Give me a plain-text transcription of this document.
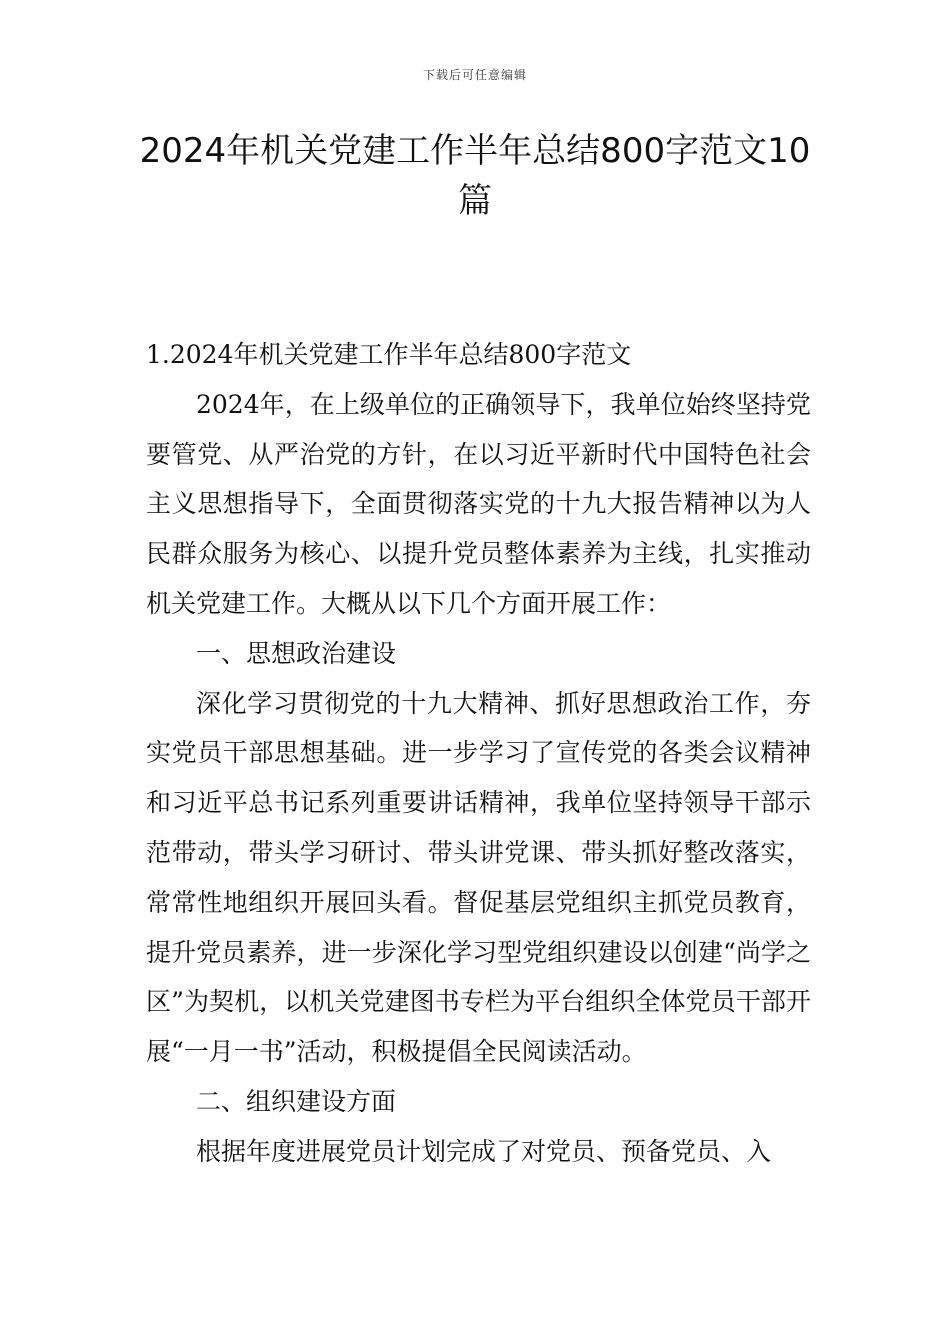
下载后可任意编辑
2024年机关党建工作半年总结800字范文10篇

1.2024年机关党建工作半年总结800字范文

2024年，在上级单位的正确领导下，我单位始终坚持党要管党、从严治党的方针，在以习近平新时代中国特色社会主义思想指导下，全面贯彻落实党的十九大报告精神以为人民群众服务为核心、以提升党员整体素养为主线，扎实推动机关党建工作。大概从以下几个方面开展工作：

一、思想政治建设

深化学习贯彻党的十九大精神、抓好思想政治工作，夯实党员干部思想基础。进一步学习了宣传党的各类会议精神和习近平总书记系列重要讲话精神，我单位坚持领导干部示范带动，带头学习研讨、带头讲党课、带头抓好整改落实，常常性地组织开展回头看。督促基层党组织主抓党员教育，提升党员素养，进一步深化学习型党组织建设以创建“尚学之区”为契机，以机关党建图书专栏为平台组织全体党员干部开展“一月一书”活动，积极提倡全民阅读活动。

二、组织建设方面

根据年度进展党员计划完成了对党员、预备党员、入
